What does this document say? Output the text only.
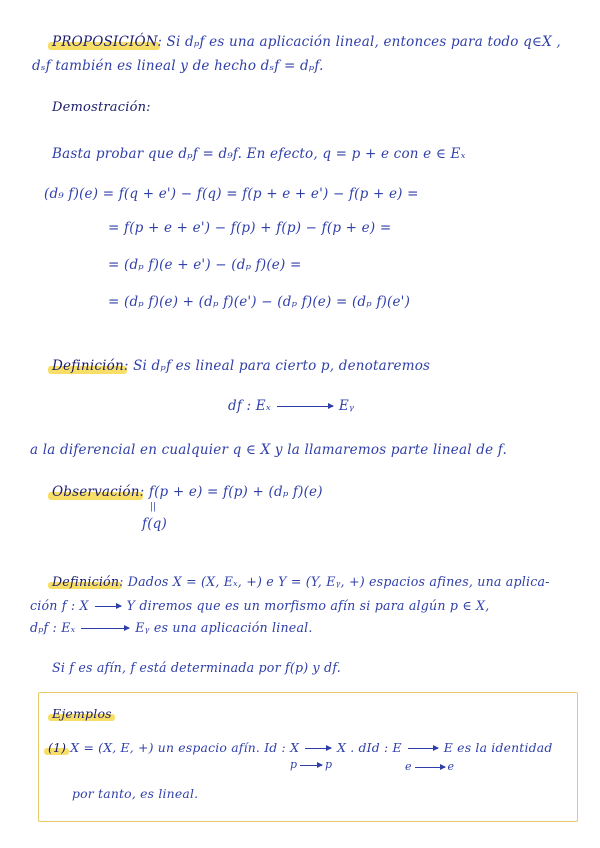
PROPOSICIÓN: Si dₚf es una aplicación lineal, entonces para todo q∈X ,
dₛf también es lineal y de hecho dₛf = dₚf.
Demostración:
Basta probar que dₚf = d₉f. En efecto, q = p + e con e ∈ Eₓ
(d₉ f)(e) = f(q + e') − f(q) = f(p + e + e') − f(p + e) =
= f(p + e + e') − f(p) + f(p) − f(p + e) =
= (dₚ f)(e + e') − (dₚ f)(e) =
= (dₚ f)(e) + (dₚ f)(e') − (dₚ f)(e) = (dₚ f)(e')
Definición: Si dₚf es lineal para cierto p, denotaremos
df : Eₓ	Eᵧ
a la diferencial en cualquier q ∈ X y la llamaremos parte lineal de f.
Observación: f(p + e) = f(p) + (dₚ f)(e)
||
f(q)
Definición: Dados X = (X, Eₓ, +) e Y = (Y, Eᵧ, +) espacios afines, una aplica-
ción f : X	Y diremos que es un morfismo afín si para algún p ∈ X,
dₚf : Eₓ	Eᵧ es una aplicación lineal.
Si f es afín, f está determinada por f(p) y df.
Ejemplos
(1) X = (X, E, +) un espacio afín. Id : X	X . dId : E	E es la identidad
p	p	e	e
por tanto, es lineal.
